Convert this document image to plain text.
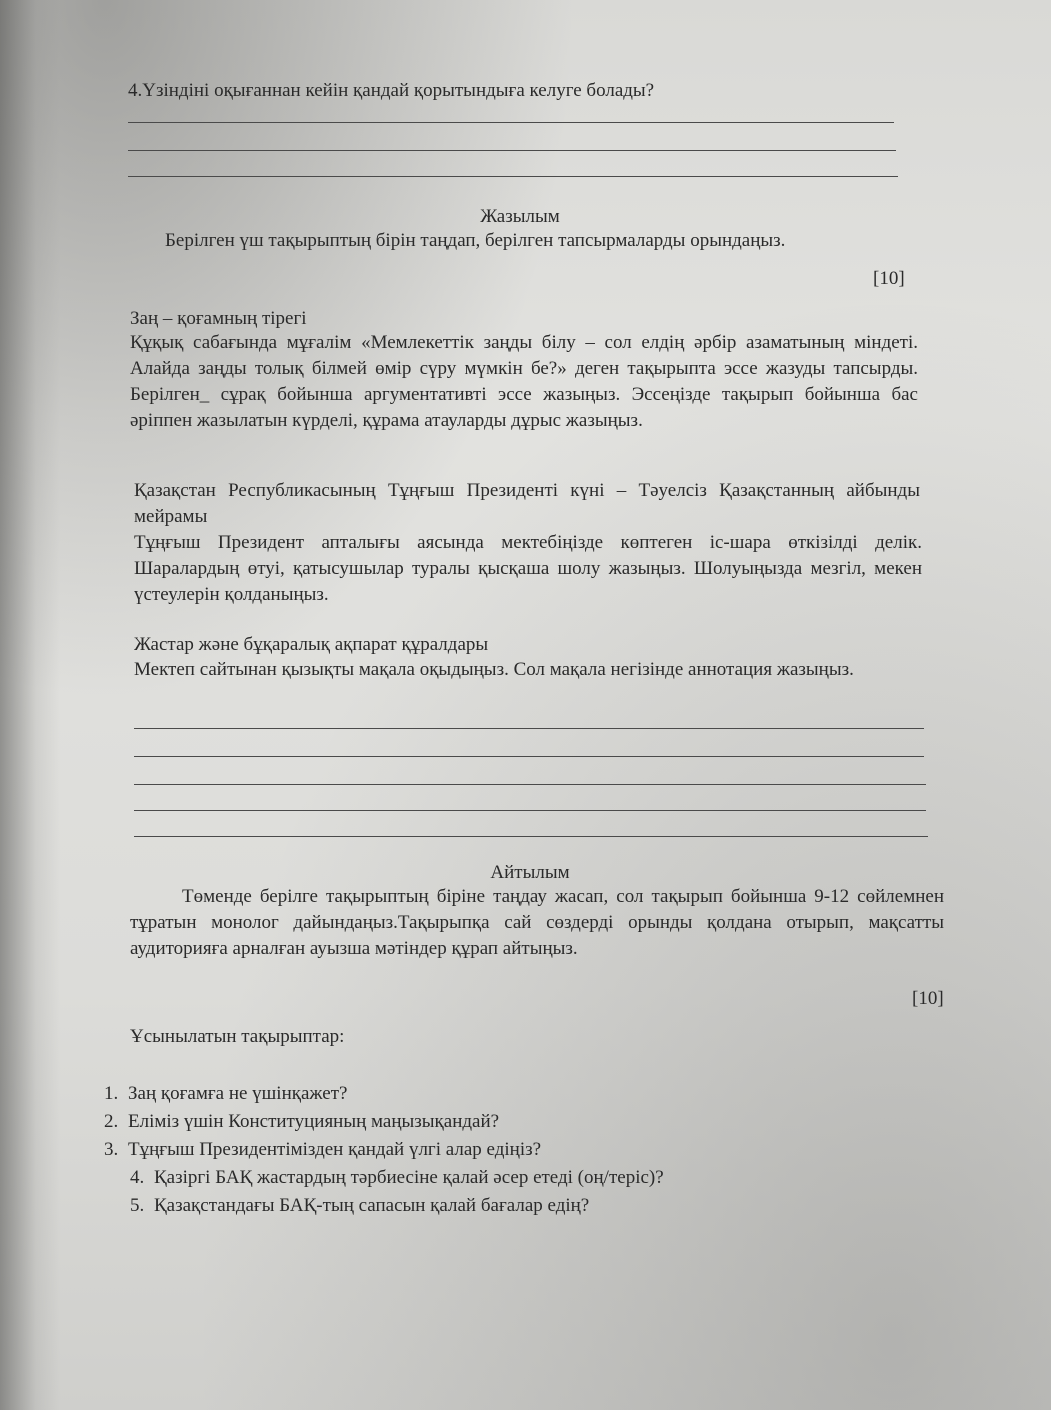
4.Үзіндіні оқығаннан кейін қандай қорытындыға келуге болады?
Жазылым
Берілген үш тақырыптың бірін таңдап, берілген тапсырмаларды орындаңыз.
[10]
Заң – қоғамның тірегі
Құқық сабағында мұғалім «Мемлекеттік заңды білу – сол елдің әрбір азаматының міндеті. Алайда заңды толық білмей өмір сүру мүмкін бе?» деген тақырыпта эссе жазуды тапсырды. Берілген_ сұрақ бойынша аргументативті эссе жазыңыз. Эссеңізде тақырып бойынша бас әріппен жазылатын күрделі, құрама атауларды дұрыс жазыңыз.
Қазақстан Республикасының Тұңғыш Президенті күні – Тәуелсіз Қазақстанның айбынды мейрамы
Тұңғыш Президент апталығы аясында мектебіңізде көптеген іс-шара өткізілді делік. Шаралардың өтуі, қатысушылар туралы қысқаша шолу жазыңыз. Шолуыңызда мезгіл, мекен үстеулерін қолданыңыз.
Жастар және бұқаралық ақпарат құралдары
Мектеп сайтынан қызықты мақала оқыдыңыз. Сол мақала негізінде аннотация жазыңыз.
Айтылым
Төменде берілге тақырыптың біріне таңдау жасап, сол тақырып бойынша 9-12 сөйлемнен тұратын монолог дайындаңыз.Тақырыпқа сай сөздерді орынды қолдана отырып, мақсатты аудиторияға арналған ауызша мәтіндер құрап айтыңыз.
[10]
Ұсынылатын тақырыптар:
1. Заң қоғамға не үшінқажет?
2. Еліміз үшін Конституцияның маңызықандай?
3. Тұңғыш Президентімізден қандай үлгі алар едіңіз?
4. Қазіргі БАҚ жастардың тәрбиесіне қалай әсер етеді (оң/теріс)?
5. Қазақстандағы БАҚ-тың сапасын қалай бағалар едің?
